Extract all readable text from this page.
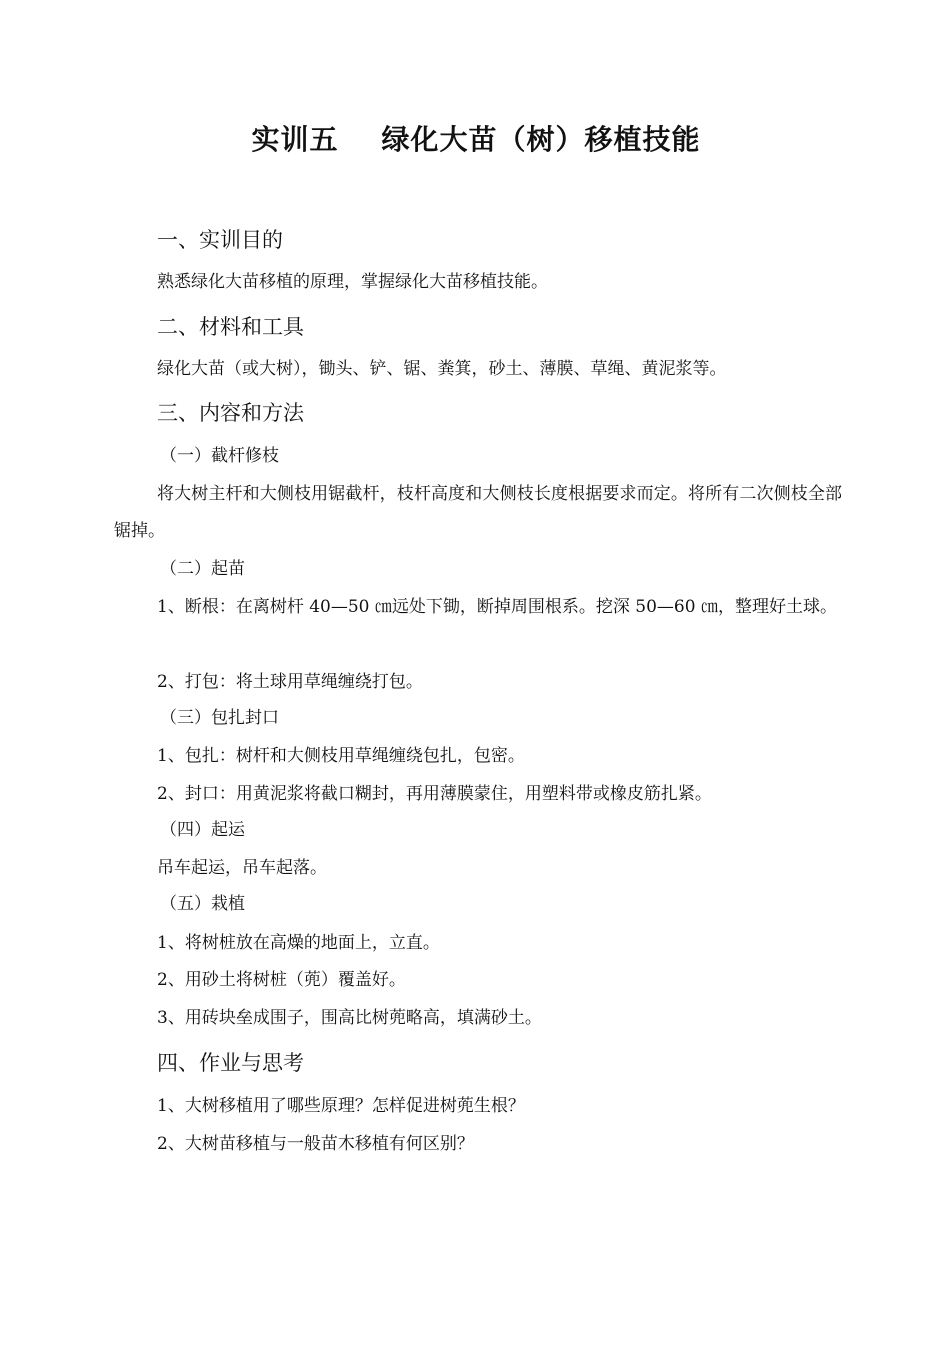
实训五    绿化大苗（树）移植技能
一、实训目的
熟悉绿化大苗移植的原理，掌握绿化大苗移植技能。
二、材料和工具
绿化大苗（或大树），锄头、铲、锯、粪箕，砂土、薄膜、草绳、黄泥浆等。
三、内容和方法
（一）截杆修枝
将大树主杆和大侧枝用锯截杆，枝杆高度和大侧枝长度根据要求而定。将所有二次侧枝全部锯掉。
（二）起苗
1、断根：在离树杆 40—50 ㎝远处下锄，断掉周围根系。挖深 50—60 ㎝，整理好土球。
2、打包：将土球用草绳缠绕打包。
（三）包扎封口
1、包扎：树杆和大侧枝用草绳缠绕包扎，包密。
2、封口：用黄泥浆将截口糊封，再用薄膜蒙住，用塑料带或橡皮筋扎紧。
（四）起运
吊车起运，吊车起落。
（五）栽植
1、将树桩放在高燥的地面上，立直。
2、用砂土将树桩（蔸）覆盖好。
3、用砖块垒成围子，围高比树蔸略高，填满砂土。
四、作业与思考
1、大树移植用了哪些原理？怎样促进树蔸生根？
2、大树苗移植与一般苗木移植有何区别？
